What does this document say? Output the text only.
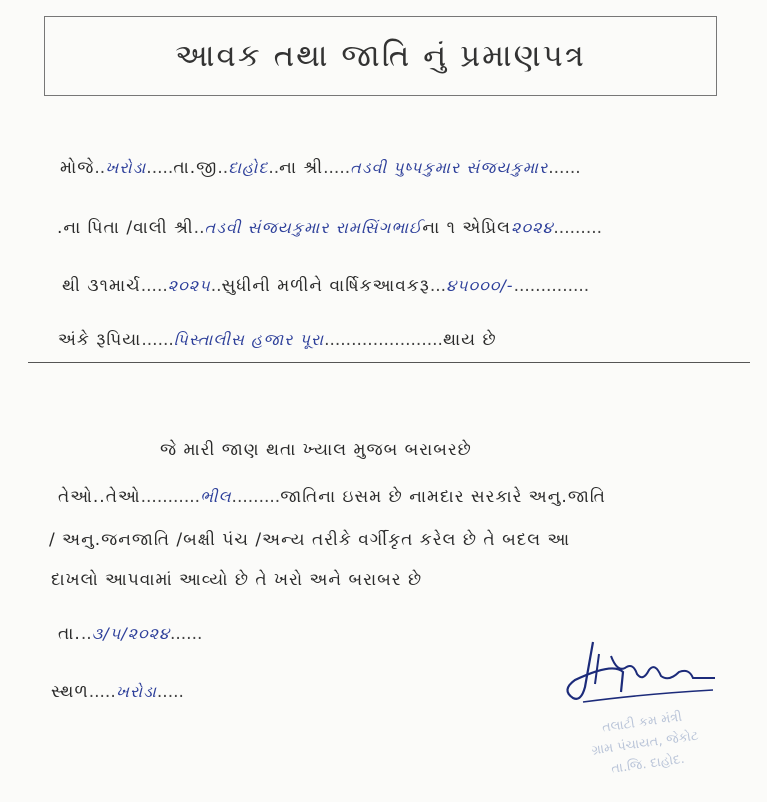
આવક તથા જાતિ નું પ્રમાણપત્ર
મોજે..ખરોડા.....તા.જી..દાહોદ..ના શ્રી.....તડવી પુષ્પકુમાર સંજયકુમાર......
.ના પિતા /વાલી શ્રી..તડવી સંજયકુમાર રામસિંગભાઈના ૧ એપ્રિલ૨૦૨૪.........
થી ૩૧માર્ચ.....૨૦૨૫..સુધીની મળીને વાર્ષિકઆવકરૂ...૪૫૦૦૦/-..............
અંકે રૂપિયા......પિસ્તાલીસ હજાર પૂરા......................થાય છે
જે મારી જાણ થતા ખ્યાલ મુજબ બરાબરછે
તેઓ..તેઓ...........ભીલ.........જાતિના ઇસમ છે નામદાર સરકારે અનુ.જાતિ
/ અનુ.જનજાતિ /બક્ષી પંચ /અન્ય તરીકે વર્ગીકૃત કરેલ છે તે બદલ આ
દાખલો આપવામાં આવ્યો છે તે ખરો અને બરાબર છે
તા...૩/૫/૨૦૨૪......
સ્થળ.....ખરોડા.....
તલાટી કમ મંત્રી
ગ્રામ પંચાયત, જેકોટ
તા.જિ. દાહોદ.
